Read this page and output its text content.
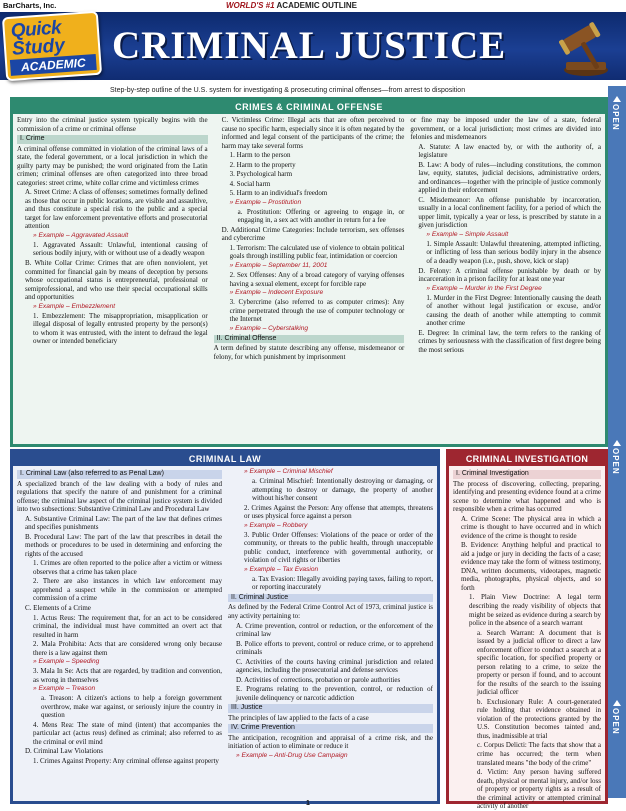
BarCharts, Inc.	WORLD'S #1 ACADEMIC OUTLINE
CRIMINAL JUSTICE
Quick
Study
ACADEMIC
Step-by-step outline of the U.S. system for investigating & prosecuting criminal offenses—from arrest to disposition
OPEN
OPEN
OPEN
CRIMES & CRIMINAL OFFENSE
Entry into the criminal justice system typically begins with the commission of a crime or criminal offense
I. Crime
A criminal offense committed in violation of the criminal laws of a state, the federal government, or a local jurisdiction in which the guilty party may be punished; the word originated from the Latin crimen; criminal offenses are often categorized into three broad categories: street crime, white collar crime and victimless crimes
A. Street Crime: A class of offenses; sometimes formally defined as those that occur in public locations, are visible and assaultive, and thus constitute a special risk to the public and a special target for law enforcement preventative efforts and prosecutorial attention
» Example – Aggravated Assault
1. Aggravated Assault: Unlawful, intentional causing of serious bodily injury, with or without use of a deadly weapon
B. White Collar Crime: Crimes that are often nonviolent, yet committed for financial gain by means of deception by persons whose occupational status is entrepreneurial, professional or semiprofessional, and who use their special occupational skills and opportunities
» Example – Embezzlement
1. Embezzlement: The misappropriation, misapplication or illegal disposal of legally entrusted property by the person(s) to whom it was entrusted, with the intent to defraud the legal owner or intended beneficiary
C. Victimless Crime: Illegal acts that are often perceived to cause no specific harm, especially since it is often negated by the informed and legal consent of the participants of the crime; the harm may take several forms
1. Harm to the person
2. Harm to the property
3. Psychological harm
4. Social harm
5. Harm to an individual's freedom
» Example – Prostitution
a. Prostitution: Offering or agreeing to engage in, or engaging in, a sex act with another in return for a fee
D. Additional Crime Categories: Include terrorism, sex offenses and cybercrime
1. Terrorism: The calculated use of violence to obtain political goals through instilling public fear, intimidation or coercion
» Example – September 11, 2001
2. Sex Offenses: Any of a broad category of varying offenses having a sexual element, except for forcible rape
» Example – Indecent Exposure
3. Cybercrime (also referred to as computer crimes): Any crime perpetrated through the use of computer technology or the Internet
» Example – Cyberstalking
II. Criminal Offense
A term defined by statute describing any offense, misdemeanor or felony, for which punishment by imprisonment
or fine may be imposed under the law of a state, federal government, or a local jurisdiction; most crimes are divided into felonies and misdemeanors
A. Statute: A law enacted by, or with the authority of, a legislature
B. Law: A body of rules—including constitutions, the common law, equity, statutes, judicial decisions, administrative orders, and ordinances—together with the principle of justice commonly applied in their enforcement
C. Misdemeanor: An offense punishable by incarceration, usually in a local confinement facility, for a period of which the upper limit, typically a year or less, is prescribed by statute in a given jurisdiction
» Example – Simple Assault
1. Simple Assault: Unlawful threatening, attempted inflicting, or inflicting of less than serious bodily injury in the absence of a deadly weapon (i.e., push, shove, kick or slap)
D. Felony: A criminal offense punishable by death or by incarceration in a prison facility for at least one year
» Example – Murder in the First Degree
1. Murder in the First Degree: Intentionally causing the death of another without legal justification or excuse, and/or causing the death of another while attempting to commit another crime
E. Degree: In criminal law, the term refers to the ranking of crimes by seriousness with the classification of first degree being the most serious
CRIMINAL LAW
I. Criminal Law (also referred to as Penal Law)
A specialized branch of the law dealing with a body of rules and regulations that specify the nature of and punishment for a criminal offense; the criminal law aspect of the criminal justice system is divided into two subsections: Substantive Criminal Law and Procedural Law
A. Substantive Criminal Law: The part of the law that defines crimes and specifies punishments
B. Procedural Law: The part of the law that prescribes in detail the methods or procedures to be used in determining and enforcing the rights of the accused
1. Crimes are often reported to the police after a victim or witness observes that a crime has taken place
2. There are also instances in which law enforcement may apprehend a suspect while in the commission or attempted commission of a crime
C. Elements of a Crime
1. Actus Reus: The requirement that, for an act to be considered criminal, the individual must have committed an overt act that resulted in harm
2. Mala Prohibita: Acts that are considered wrong only because there is a law against them
» Example – Speeding
3. Mala In Se: Acts that are regarded, by tradition and convention, as wrong in themselves
» Example – Treason
a. Treason: A citizen's actions to help a foreign government overthrow, make war against, or seriously injure the country in question
4. Mens Rea: The state of mind (intent) that accompanies the particular act (actus reus) defined as criminal; also referred to as the criminal or evil mind
D. Criminal Law Violations
1. Crimes Against Property: Any criminal offense against property
» Example – Criminal Mischief
a. Criminal Mischief: Intentionally destroying or damaging, or attempting to destroy or damage, the property of another without his/her consent
2. Crimes Against the Person: Any offense that attempts, threatens or uses physical force against a person
» Example – Robbery
3. Public Order Offenses: Violations of the peace or order of the community, or threats to the public health, through unacceptable public conduct, interference with governmental authority, or violation of civil rights or liberties
» Example – Tax Evasion
a. Tax Evasion: Illegally avoiding paying taxes, failing to report, or reporting inaccurately
II. Criminal Justice
As defined by the Federal Crime Control Act of 1973, criminal justice is any activity pertaining to:
A. Crime prevention, control or reduction, or the enforcement of the criminal law
B. Police efforts to prevent, control or reduce crime, or to apprehend criminals
C. Activities of the courts having criminal jurisdiction and related agencies, including the prosecutorial and defense services
D. Activities of corrections, probation or parole authorities
E. Programs relating to the prevention, control, or reduction of juvenile delinquency or narcotic addiction
III. Justice
The principles of law applied to the facts of a case
IV. Crime Prevention
The anticipation, recognition and appraisal of a crime risk, and the initiation of action to eliminate or reduce it
» Example – Anti-Drug Use Campaign
CRIMINAL INVESTIGATION
I. Criminal Investigation
The process of discovering, collecting, preparing, identifying and presenting evidence found at a crime scene to determine what happened and who is responsible when a crime has occurred
A. Crime Scene: The physical area in which a crime is thought to have occurred and in which evidence of the crime is thought to reside
B. Evidence: Anything helpful and practical to aid a judge or jury in deciding the facts of a case; evidence may take the form of witness testimony, DNA, written documents, videotapes, magnetic media, photographs, physical objects, and so forth
1. Plain View Doctrine: A legal term describing the ready visibility of objects that might be seized as evidence during a search by police in the absence of a search warrant
a. Search Warrant: A document that is issued by a judicial officer to direct a law enforcement officer to conduct a search at a specific location, for specified property or person relating to a crime, to seize the property or person if found, and to account for the results of the search to the issuing judicial officer
b. Exclusionary Rule: A court-generated rule holding that evidence obtained in violation of the protections granted by the U.S. Constitution becomes tainted and, thus, inadmissible at trial
c. Corpus Delicti: The facts that show that a crime has occurred; the term when translated means "the body of the crime"
d. Victim: Any person having suffered death, physical or mental injury, and/or loss of property or property rights as a result of the criminal activity or attempted criminal activity of another
1
